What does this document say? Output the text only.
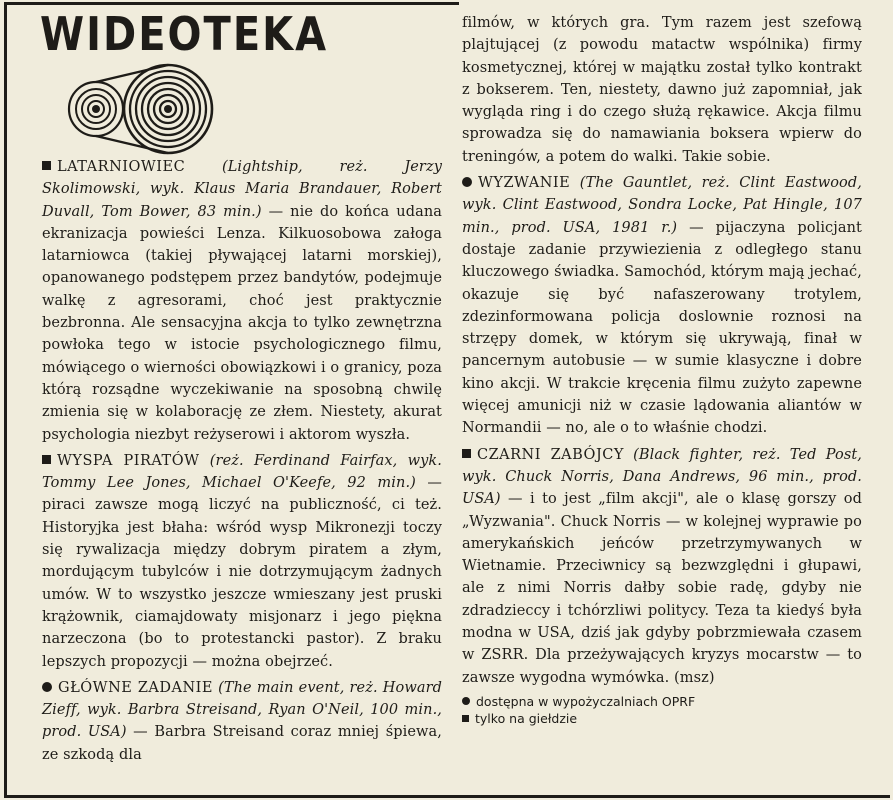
WIDEOTEKA

LATARNIOWIEC	(Lightship, reż. Jerzy Skolimowski, wyk. Klaus Maria Brandauer, Robert Duvall, Tom Bower, 83 min.) — nie do końca udana ekranizacja powieści Lenza. Kilkuosobowa załoga latarniowca (takiej pływającej latarni morskiej), opanowanego podstępem przez bandytów, podejmuje walkę z agresorami, choć jest praktycznie bezbronna. Ale sensacyjna akcja to tylko zewnętrzna powłoka tego w istocie psychologicznego filmu, mówiącego o wierności obowiązkowi i o granicy, poza którą rozsądne wyczekiwanie na sposobną chwilę zmienia się w kolaborację ze złem. Niestety, akurat psychologia niezbyt reżyserowi i aktorom wyszła.

WYSPA PIRATÓW (reż. Ferdinand Fairfax, wyk. Tommy Lee Jones, Michael O'Keefe, 92 min.) — piraci zawsze mogą liczyć na publiczność, ci też. Historyjka jest błaha: wśród wysp Mikronezji toczy się rywalizacja między dobrym piratem a złym, mordującym tubylców i nie dotrzymującym żadnych umów. W to wszystko jeszcze wmieszany jest pruski krążownik, ciamajdowaty misjonarz i jego piękna narzeczona (bo to protestancki pastor). Z braku lepszych propozycji — można obejrzeć.

GŁÓWNE ZADANIE (The main event, reż. Howard Zieff, wyk. Barbra Streisand, Ryan O'Neil, 100 min., prod. USA) — Barbra Streisand coraz mniej śpiewa, ze szkodą dla

filmów, w których gra. Tym razem jest szefową plajtującej (z powodu matactw wspólnika) firmy kosmetycznej, której w majątku został tylko kontrakt z bokserem. Ten, niestety, dawno już zapomniał, jak wygląda ring i do czego służą rękawice. Akcja filmu sprowadza się do namawiania boksera wpierw do treningów, a potem do walki. Takie sobie.

WYZWANIE (The Gauntlet, reż. Clint Eastwood, wyk. Clint Eastwood, Sondra Locke, Pat Hingle, 107 min., prod. USA, 1981 r.) — pijaczyna policjant dostaje zadanie przywiezienia z odległego stanu kluczowego świadka. Samochód, którym mają jechać, okazuje się być nafaszerowany trotylem, zdezinformowana policja doslownie roznosi na strzępy domek, w którym się ukrywają, finał w pancernym autobusie — w sumie klasyczne i dobre kino akcji. W trakcie kręcenia filmu zużyto zapewne więcej amunicji niż w czasie lądowania aliantów w Normandii — no, ale o to właśnie chodzi.

CZARNI ZABÓJCY (Black fighter, reż. Ted Post, wyk. Chuck Norris, Dana Andrews, 96 min., prod. USA) — i to jest „film akcji", ale o klasę gorszy od „Wyzwania". Chuck Norris — w kolejnej wyprawie po amerykańskich jeńców przetrzymywanych w Wietnamie. Przeciwnicy są bezwzględni i głupawi, ale z nimi Norris dałby sobie radę, gdyby nie zdradzieccy i tchórzliwi politycy. Teza ta kiedyś była modna w USA, dziś jak gdyby pobrzmiewała czasem w ZSRR. Dla przeżywających kryzys mocarstw — to zawsze wygodna wymówka. (msz)

dostępna w wypożyczalniach OPRF
tylko na giełdzie
